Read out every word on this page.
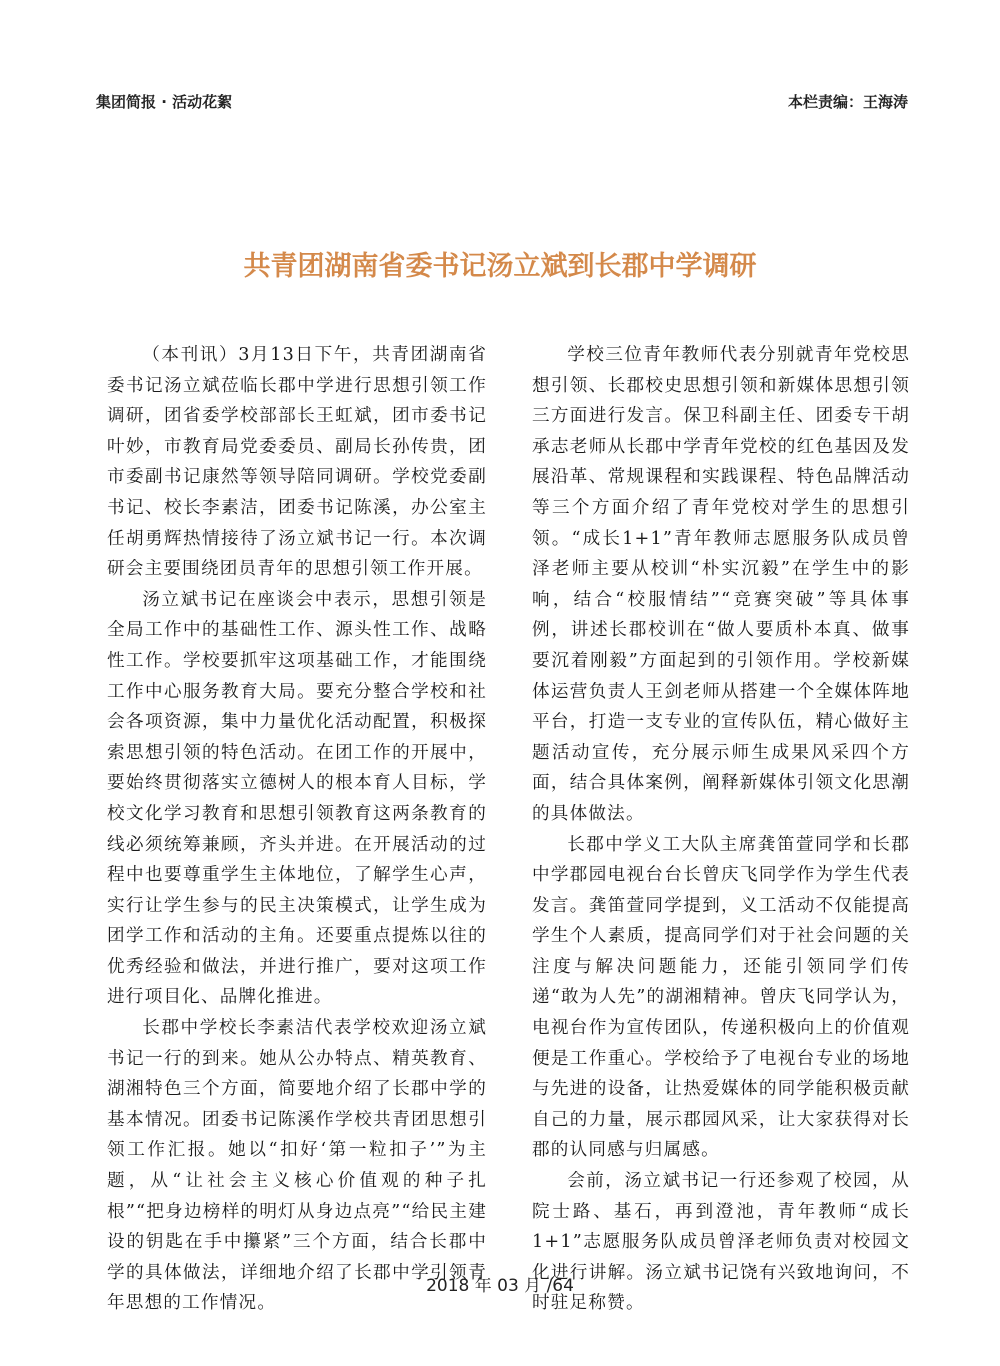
集团简报 · 活动花絮	本栏责编：王海涛
共青团湖南省委书记汤立斌到长郡中学调研

（本刊讯）3月13日下午，共青团湖南省委书记汤立斌莅临长郡中学进行思想引领工作调研，团省委学校部部长王虹斌，团市委书记叶妙，市教育局党委委员、副局长孙传贵，团市委副书记康然等领导陪同调研。学校党委副书记、校长李素洁，团委书记陈溪，办公室主任胡勇辉热情接待了汤立斌书记一行。本次调研会主要围绕团员青年的思想引领工作开展。

汤立斌书记在座谈会中表示，思想引领是全局工作中的基础性工作、源头性工作、战略性工作。学校要抓牢这项基础工作，才能围绕工作中心服务教育大局。要充分整合学校和社会各项资源，集中力量优化活动配置，积极探索思想引领的特色活动。在团工作的开展中，要始终贯彻落实立德树人的根本育人目标，学校文化学习教育和思想引领教育这两条教育的线必须统筹兼顾，齐头并进。在开展活动的过程中也要尊重学生主体地位，了解学生心声，实行让学生参与的民主决策模式，让学生成为团学工作和活动的主角。还要重点提炼以往的优秀经验和做法，并进行推广，要对这项工作进行项目化、品牌化推进。

长郡中学校长李素洁代表学校欢迎汤立斌书记一行的到来。她从公办特点、精英教育、湖湘特色三个方面，简要地介绍了长郡中学的基本情况。团委书记陈溪作学校共青团思想引领工作汇报。她以“扣好‘第一粒扣子’”为主题，从“让社会主义核心价值观的种子扎根”“把身边榜样的明灯从身边点亮”“给民主建设的钥匙在手中攥紧”三个方面，结合长郡中学的具体做法，详细地介绍了长郡中学引领青年思想的工作情况。

学校三位青年教师代表分别就青年党校思想引领、长郡校史思想引领和新媒体思想引领三方面进行发言。保卫科副主任、团委专干胡承志老师从长郡中学青年党校的红色基因及发展沿革、常规课程和实践课程、特色品牌活动等三个方面介绍了青年党校对学生的思想引领。“成长1+1”青年教师志愿服务队成员曾泽老师主要从校训“朴实沉毅”在学生中的影响，结合“校服情结”“竞赛突破”等具体事例，讲述长郡校训在“做人要质朴本真、做事要沉着刚毅”方面起到的引领作用。学校新媒体运营负责人王剑老师从搭建一个全媒体阵地平台，打造一支专业的宣传队伍，精心做好主题活动宣传，充分展示师生成果风采四个方面，结合具体案例，阐释新媒体引领文化思潮的具体做法。

长郡中学义工大队主席龚笛萱同学和长郡中学郡园电视台台长曾庆飞同学作为学生代表发言。龚笛萱同学提到，义工活动不仅能提高学生个人素质，提高同学们对于社会问题的关注度与解决问题能力，还能引领同学们传递“敢为人先”的湖湘精神。曾庆飞同学认为，电视台作为宣传团队，传递积极向上的价值观便是工作重心。学校给予了电视台专业的场地与先进的设备，让热爱媒体的同学能积极贡献自己的力量，展示郡园风采，让大家获得对长郡的认同感与归属感。

会前，汤立斌书记一行还参观了校园，从院士路、基石，再到澄池，青年教师“成长1+1”志愿服务队成员曾泽老师负责对校园文化进行讲解。汤立斌书记饶有兴致地询问，不时驻足称赞。

2018 年 03 月 /64
